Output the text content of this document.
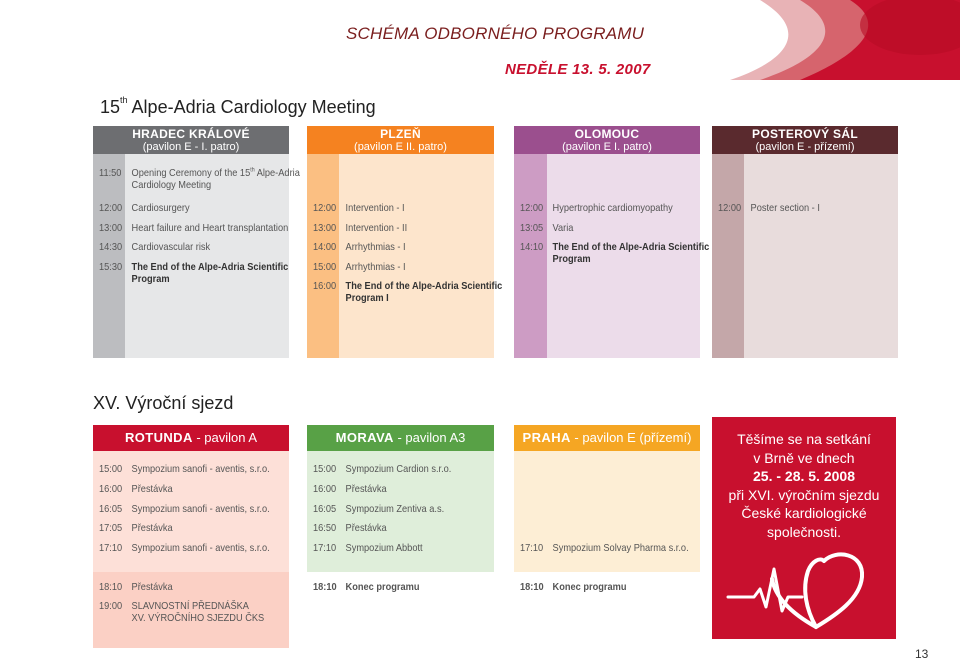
SCHÉMA ODBORNÉHO PROGRAMU
NEDĚLE 13. 5. 2007
15th Alpe-Adria Cardiology Meeting
HRADEC KRÁLOVÉ
(pavilon E - I. patro)
11:50 Opening Ceremony of the 15th Alpe-Adria
Cardiology Meeting
12:00 Cardiosurgery
13:00 Heart failure and Heart transplantation
14:30 Cardiovascular risk
15:30 The End of the Alpe-Adria Scientific
Program
PLZEŇ
(pavilon E II. patro)
12:00 Intervention - I
13:00 Intervention - II
14:00 Arrhythmias - I
15:00 Arrhythmias - I
16:00 The End of the Alpe-Adria Scientific
Program I
OLOMOUC
(pavilon E I. patro)
12:00 Hypertrophic cardiomyopathy
13:05 Varia
14:10 The End of the Alpe-Adria Scientific
Program
POSTEROVÝ SÁL
(pavilon E - přízemí)
12:00 Poster section - I
XV. Výroční sjezd
ROTUNDA - pavilon A
15:00 Sympozium sanofi - aventis, s.r.o.
16:00 Přestávka
16:05 Sympozium sanofi - aventis, s.r.o.
17:05 Přestávka
17:10 Sympozium sanofi - aventis, s.r.o.
18:10 Přestávka
19:00 SLAVNOSTNÍ PŘEDNÁŠKA
XV. VÝROČNÍHO SJEZDU ČKS
MORAVA - pavilon A3
15:00 Sympozium Cardion s.r.o.
16:00 Přestávka
16:05 Sympozium Zentiva a.s.
16:50 Přestávka
17:10 Sympozium Abbott
18:10 Konec programu
PRAHA - pavilon E (přízemí)
17:10 Sympozium Solvay Pharma s.r.o.
18:10 Konec programu
Těšíme se na setkání
v Brně ve dnech
25. - 28. 5. 2008
při XVI. výročním sjezdu
České kardiologické
společnosti.
13
